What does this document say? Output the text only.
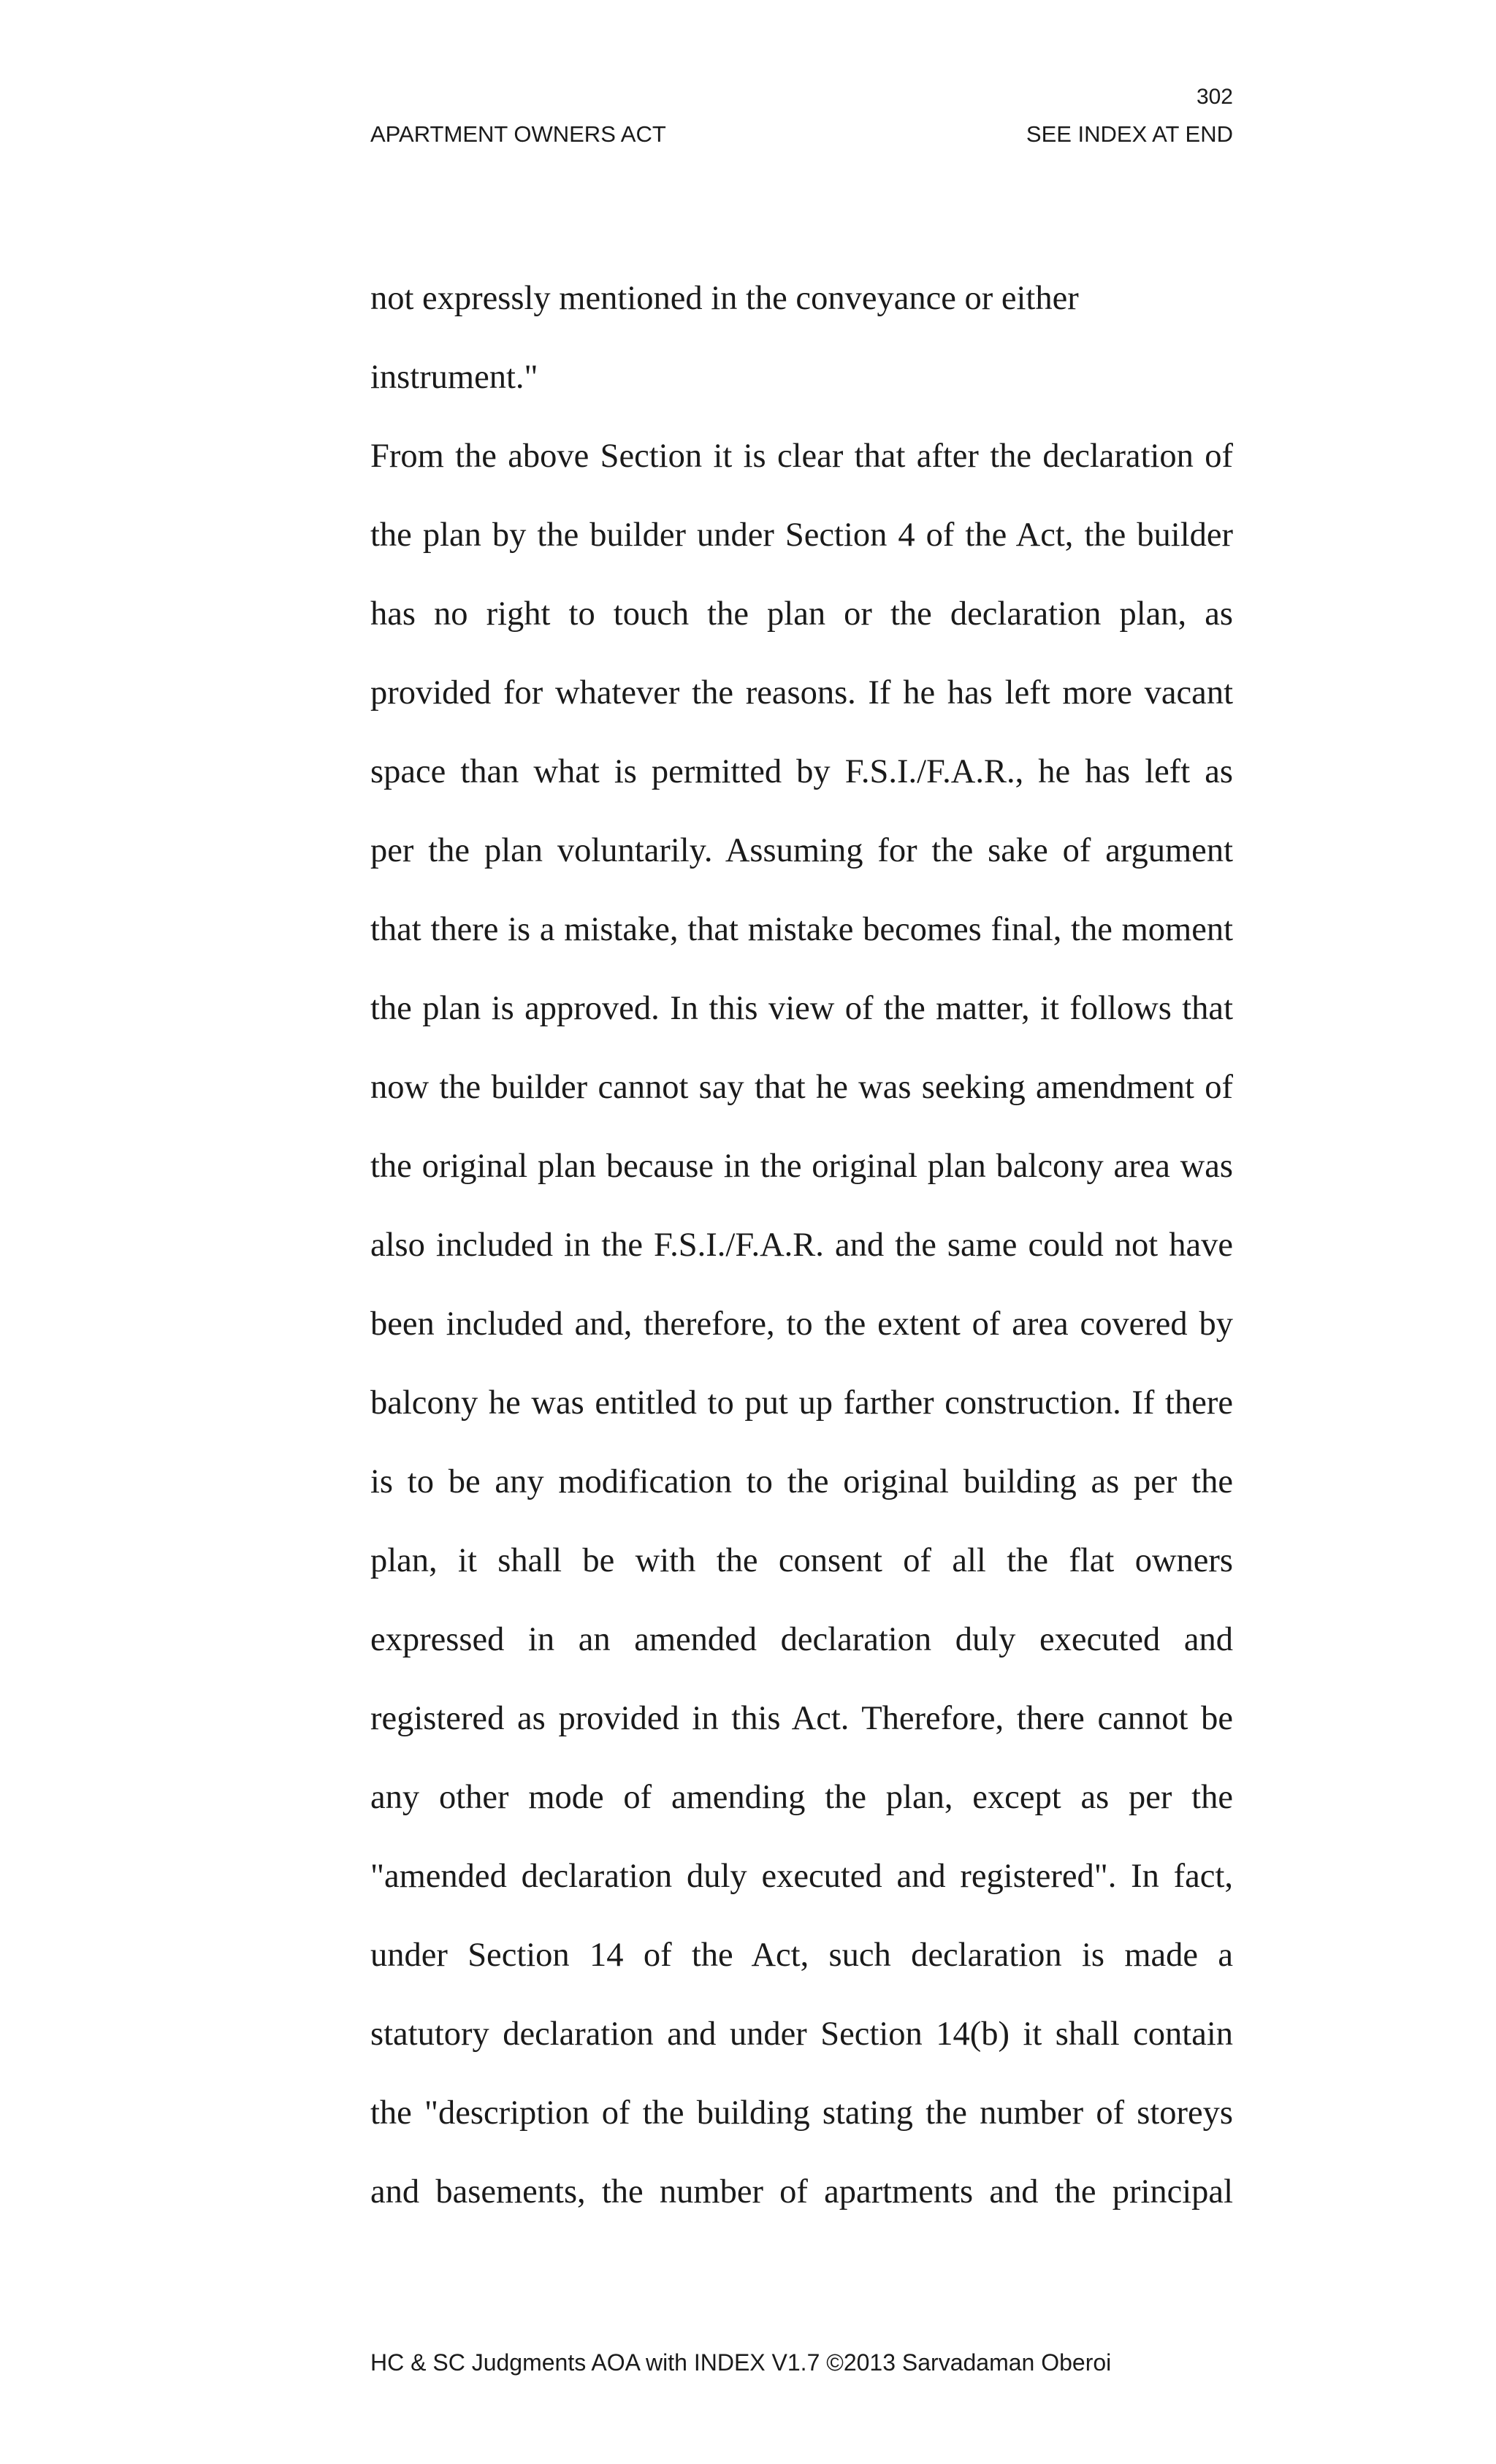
302
APARTMENT OWNERS ACT	SEE INDEX AT END
not expressly mentioned in the conveyance or either
instrument."
From the above Section it is clear that after the declaration of
the plan by the builder under Section 4 of the Act, the builder
has no right to touch the plan or the declaration plan, as
provided for whatever the reasons. If he has left more vacant
space than what is permitted by F.S.I./F.A.R., he has left as
per the plan voluntarily. Assuming for the sake of argument
that there is a mistake, that mistake becomes final, the moment
the plan is approved. In this view of the matter, it follows that
now the builder cannot say that he was seeking amendment of
the original plan because in the original plan balcony area was
also included in the F.S.I./F.A.R. and the same could not have
been included and, therefore, to the extent of area covered by
balcony he was entitled to put up farther construction. If there
is to be any modification to the original building as per the
plan, it shall be with the consent of all the flat owners
expressed in an amended declaration duly executed and
registered as provided in this Act. Therefore, there cannot be
any other mode of amending the plan, except as per the
"amended declaration duly executed and registered". In fact,
under Section 14 of the Act, such declaration is made a
statutory declaration and under Section 14(b) it shall contain
the "description of the building stating the number of storeys
and basements, the number of apartments and the principal
HC & SC Judgments AOA with INDEX V1.7 ©2013 Sarvadaman Oberoi
